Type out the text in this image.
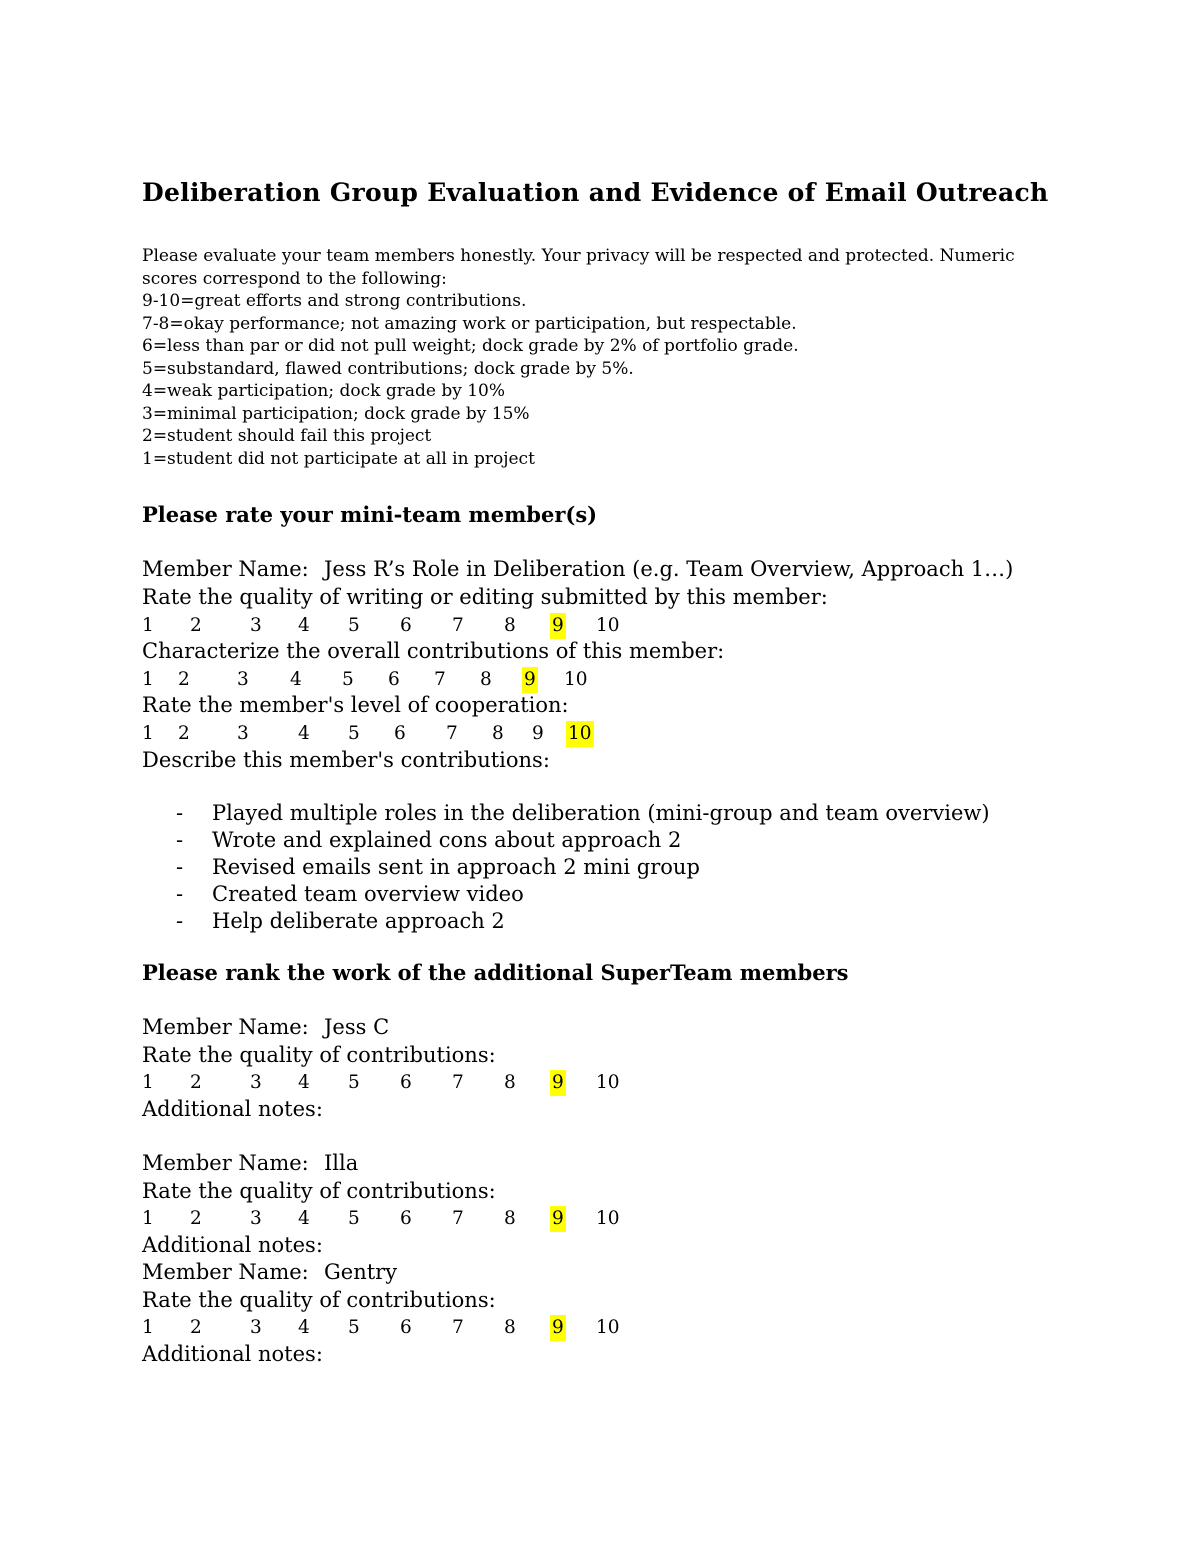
Deliberation Group Evaluation and Evidence of Email Outreach
Please evaluate your team members honestly. Your privacy will be respected and protected. Numeric
scores correspond to the following:
9-10=great efforts and strong contributions.
7-8=okay performance; not amazing work or participation, but respectable.
6=less than par or did not pull weight; dock grade by 2% of portfolio grade.
5=substandard, flawed contributions; dock grade by 5%.
4=weak participation; dock grade by 10%
3=minimal participation; dock grade by 15%
2=student should fail this project
1=student did not participate at all in project
Please rate your mini-team member(s)
Member Name: Jess R’s Role in Deliberation (e.g. Team Overview, Approach 1…)
Rate the quality of writing or editing submitted by this member:
1 2	3 4 5 6 7 8 9 10
Characterize the overall contributions of this member:
1 2	3 4 5 6 7 8 9 10
Rate the member's level of cooperation:
1 2	3	4 5 6 7 8 9 10
Describe this member's contributions:
- Played multiple roles in the deliberation (mini-group and team overview)
- Wrote and explained cons about approach 2
- Revised emails sent in approach 2 mini group
- Created team overview video
- Help deliberate approach 2
Please rank the work of the additional SuperTeam members
Member Name: Jess C
Rate the quality of contributions:
1 2	3 4 5 6 7 8 9 10
Additional notes:
Member Name: Illa
Rate the quality of contributions:
1 2	3 4 5 6 7 8 9 10
Additional notes:
Member Name: Gentry
Rate the quality of contributions:
1 2	3 4 5 6 7 8 9 10
Additional notes:
